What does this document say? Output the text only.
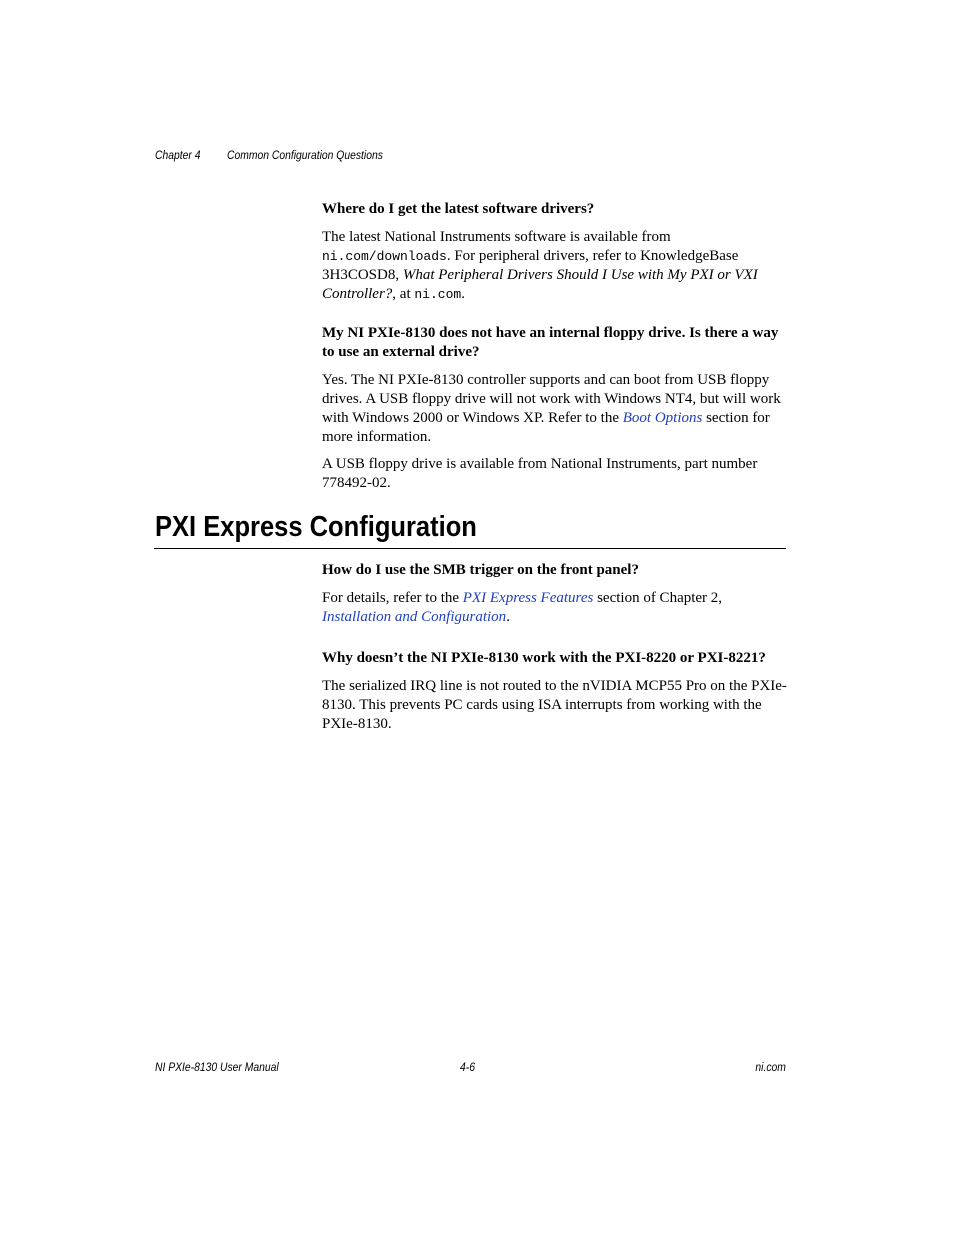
Chapter 4 Common Configuration Questions

Where do I get the latest software drivers?

The latest National Instruments software is available from
ni.com/downloads. For peripheral drivers, refer to KnowledgeBase 3H3COSD8, What Peripheral Drivers Should I Use with My PXI or VXI Controller?, at ni.com.

My NI PXIe-8130 does not have an internal floppy drive. Is there a way to use an external drive?

Yes. The NI PXIe-8130 controller supports and can boot from USB floppy drives. A USB floppy drive will not work with Windows NT4, but will work with Windows 2000 or Windows XP. Refer to the Boot Options section for more information.

A USB floppy drive is available from National Instruments, part number 778492-02.

PXI Express Configuration

How do I use the SMB trigger on the front panel?

For details, refer to the PXI Express Features section of Chapter 2, Installation and Configuration.

Why doesn’t the NI PXIe-8130 work with the PXI-8220 or PXI-8221?

The serialized IRQ line is not routed to the nVIDIA MCP55 Pro on the PXIe-8130. This prevents PC cards using ISA interrupts from working with the PXIe-8130.

NI PXIe-8130 User Manual	4-6	ni.com
